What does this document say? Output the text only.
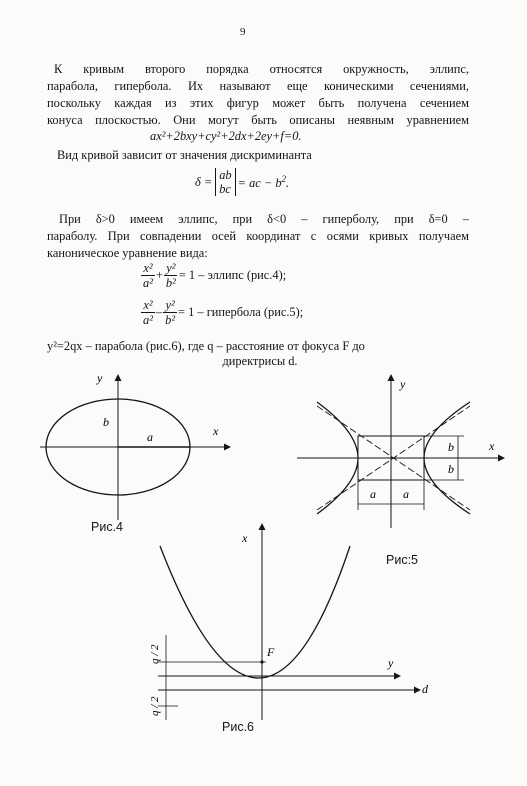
9
К кривым второго порядка относятся окружность, эллипс,
парабола, гипербола. Их называют еще коническими сечениями,
поскольку каждая из этих фигур может быть получена сечением
конуса плоскостью. Они могут быть описаны неявным уравнением
ax²+2bxy+cy²+2dx+2ey+f=0.
Вид кривой зависит от значения дискриминанта
δ = ab
bc = ac − $b^2$.
При δ>0 имеем эллипс, при δ<0 – гиперболу, при δ=0 –
параболу. При совпадении осей координат с осями кривых получаем
каноническое уравнение вида:
$\frac{\text{x²}}{\text{a²}} + \frac{\text{y²}}{\text{b²}} = 1$ – эллипс (рис.4);
$\frac{\text{x²}}{\text{a²}} - \frac{\text{y²}}{\text{b²}} = 1$ – гипербола (рис.5);
y²=2qx – парабола (рис.6), где q – расстояние от фокуса F до
директрисы d.
y
x
b
a
Рис.4
y
x
a a
b
b
Рис:5
x
y
F
d
q / 2
q / 2
Рис.6
